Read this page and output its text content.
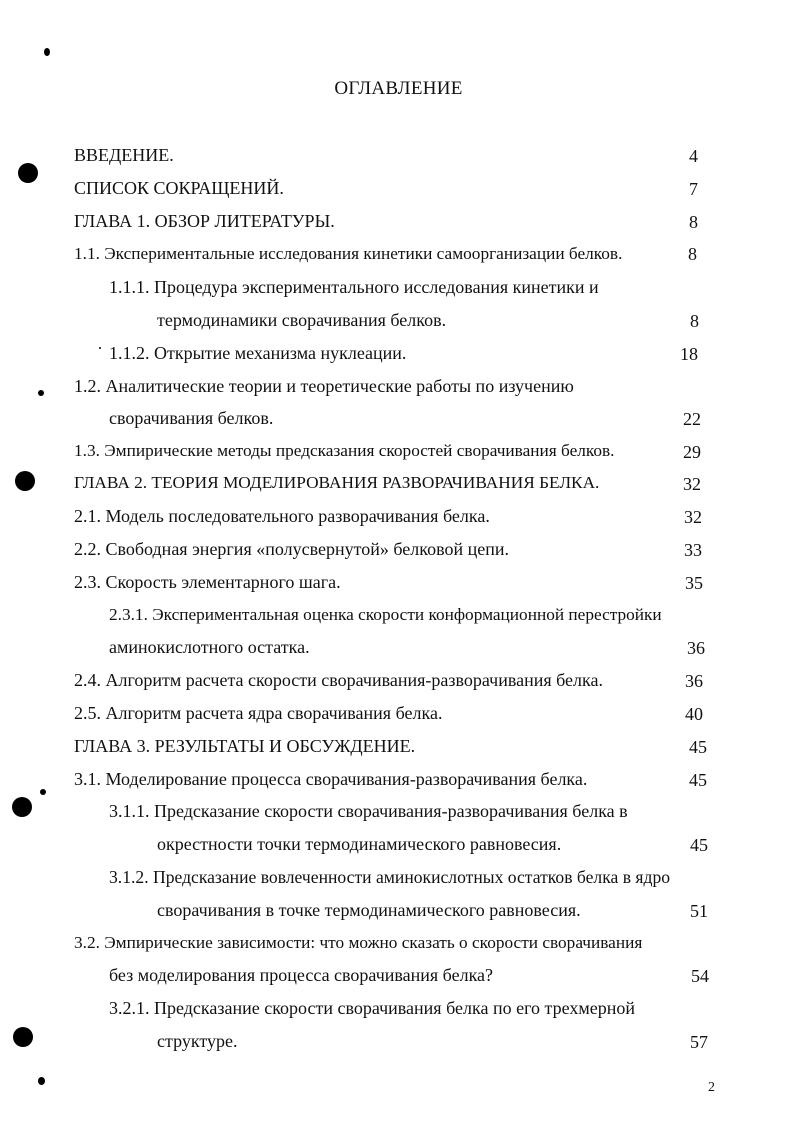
ОГЛАВЛЕНИЕ
ВВЕДЕНИЕ.	4
СПИСОК СОКРАЩЕНИЙ.	7
ГЛАВА 1. ОБЗОР ЛИТЕРАТУРЫ.	8
1.1. Экспериментальные исследования кинетики самоорганизации белков.	8
1.1.1. Процедура экспериментального исследования кинетики и
термодинамики сворачивания белков.	8
1.1.2. Открытие механизма нуклеации.	18
1.2. Аналитические теории и теоретические работы по изучению
сворачивания белков.	22
1.3. Эмпирические методы предсказания скоростей сворачивания белков.	29
ГЛАВА 2. ТЕОРИЯ МОДЕЛИРОВАНИЯ РАЗВОРАЧИВАНИЯ БЕЛКА.	32
2.1. Модель последовательного разворачивания белка.	32
2.2. Свободная энергия «полусвернутой» белковой цепи.	33
2.3. Скорость элементарного шага.	35
2.3.1. Экспериментальная оценка скорости конформационной перестройки
аминокислотного остатка.	36
2.4. Алгоритм расчета скорости сворачивания-разворачивания белка.	36
2.5. Алгоритм расчета ядра сворачивания белка.	40
ГЛАВА 3. РЕЗУЛЬТАТЫ И ОБСУЖДЕНИЕ.	45
3.1. Моделирование процесса сворачивания-разворачивания белка.	45
3.1.1. Предсказание скорости сворачивания-разворачивания белка в
окрестности точки термодинамического равновесия.	45
3.1.2. Предсказание вовлеченности аминокислотных остатков белка в ядро
сворачивания в точке термодинамического равновесия.	51
3.2. Эмпирические зависимости: что можно сказать о скорости сворачивания
без моделирования процесса сворачивания белка?	54
3.2.1. Предсказание скорости сворачивания белка по его трехмерной
структуре.	57
2
